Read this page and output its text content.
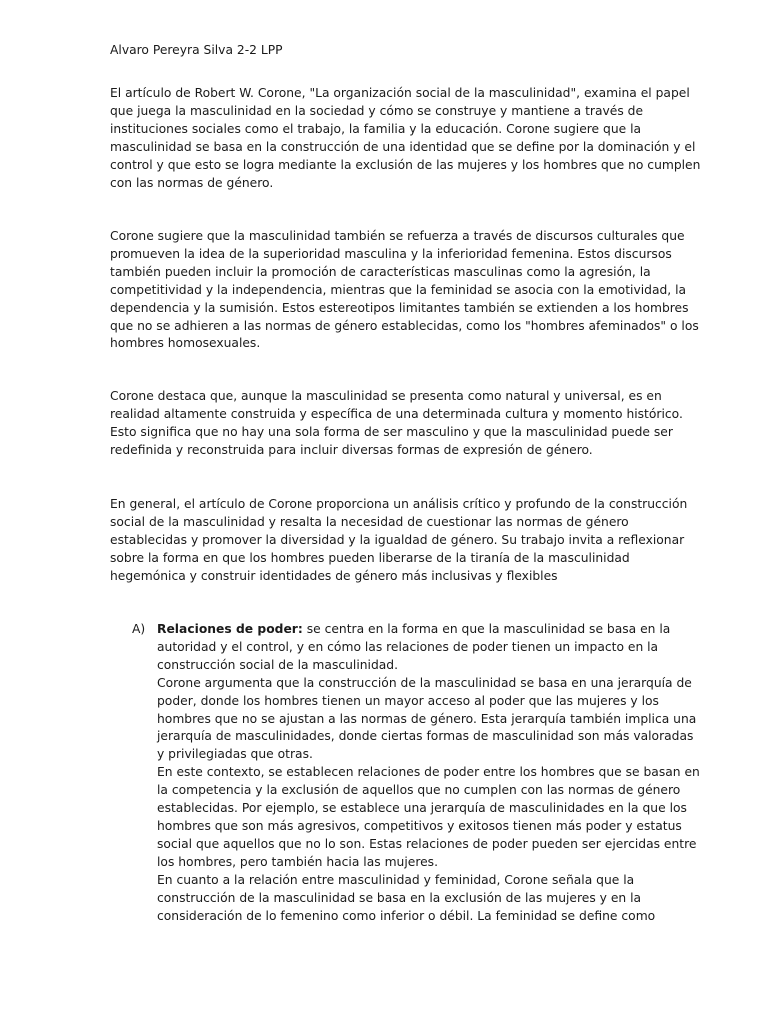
Alvaro Pereyra Silva 2-2 LPP
El artículo de Robert W. Corone, "La organización social de la masculinidad", examina el papel
que juega la masculinidad en la sociedad y cómo se construye y mantiene a través de
instituciones sociales como el trabajo, la familia y la educación. Corone sugiere que la
masculinidad se basa en la construcción de una identidad que se define por la dominación y el
control y que esto se logra mediante la exclusión de las mujeres y los hombres que no cumplen
con las normas de género.
Corone sugiere que la masculinidad también se refuerza a través de discursos culturales que
promueven la idea de la superioridad masculina y la inferioridad femenina. Estos discursos
también pueden incluir la promoción de características masculinas como la agresión, la
competitividad y la independencia, mientras que la feminidad se asocia con la emotividad, la
dependencia y la sumisión. Estos estereotipos limitantes también se extienden a los hombres
que no se adhieren a las normas de género establecidas, como los "hombres afeminados" o los
hombres homosexuales.
Corone destaca que, aunque la masculinidad se presenta como natural y universal, es en
realidad altamente construida y específica de una determinada cultura y momento histórico.
Esto significa que no hay una sola forma de ser masculino y que la masculinidad puede ser
redefinida y reconstruida para incluir diversas formas de expresión de género.
En general, el artículo de Corone proporciona un análisis crítico y profundo de la construcción
social de la masculinidad y resalta la necesidad de cuestionar las normas de género
establecidas y promover la diversidad y la igualdad de género. Su trabajo invita a reflexionar
sobre la forma en que los hombres pueden liberarse de la tiranía de la masculinidad
hegemónica y construir identidades de género más inclusivas y flexibles
A) Relaciones de poder: se centra en la forma en que la masculinidad se basa en la
autoridad y el control, y en cómo las relaciones de poder tienen un impacto en la
construcción social de la masculinidad.
Corone argumenta que la construcción de la masculinidad se basa en una jerarquía de
poder, donde los hombres tienen un mayor acceso al poder que las mujeres y los
hombres que no se ajustan a las normas de género. Esta jerarquía también implica una
jerarquía de masculinidades, donde ciertas formas de masculinidad son más valoradas
y privilegiadas que otras.
En este contexto, se establecen relaciones de poder entre los hombres que se basan en
la competencia y la exclusión de aquellos que no cumplen con las normas de género
establecidas. Por ejemplo, se establece una jerarquía de masculinidades en la que los
hombres que son más agresivos, competitivos y exitosos tienen más poder y estatus
social que aquellos que no lo son. Estas relaciones de poder pueden ser ejercidas entre
los hombres, pero también hacia las mujeres.
En cuanto a la relación entre masculinidad y feminidad, Corone señala que la
construcción de la masculinidad se basa en la exclusión de las mujeres y en la
consideración de lo femenino como inferior o débil. La feminidad se define como
